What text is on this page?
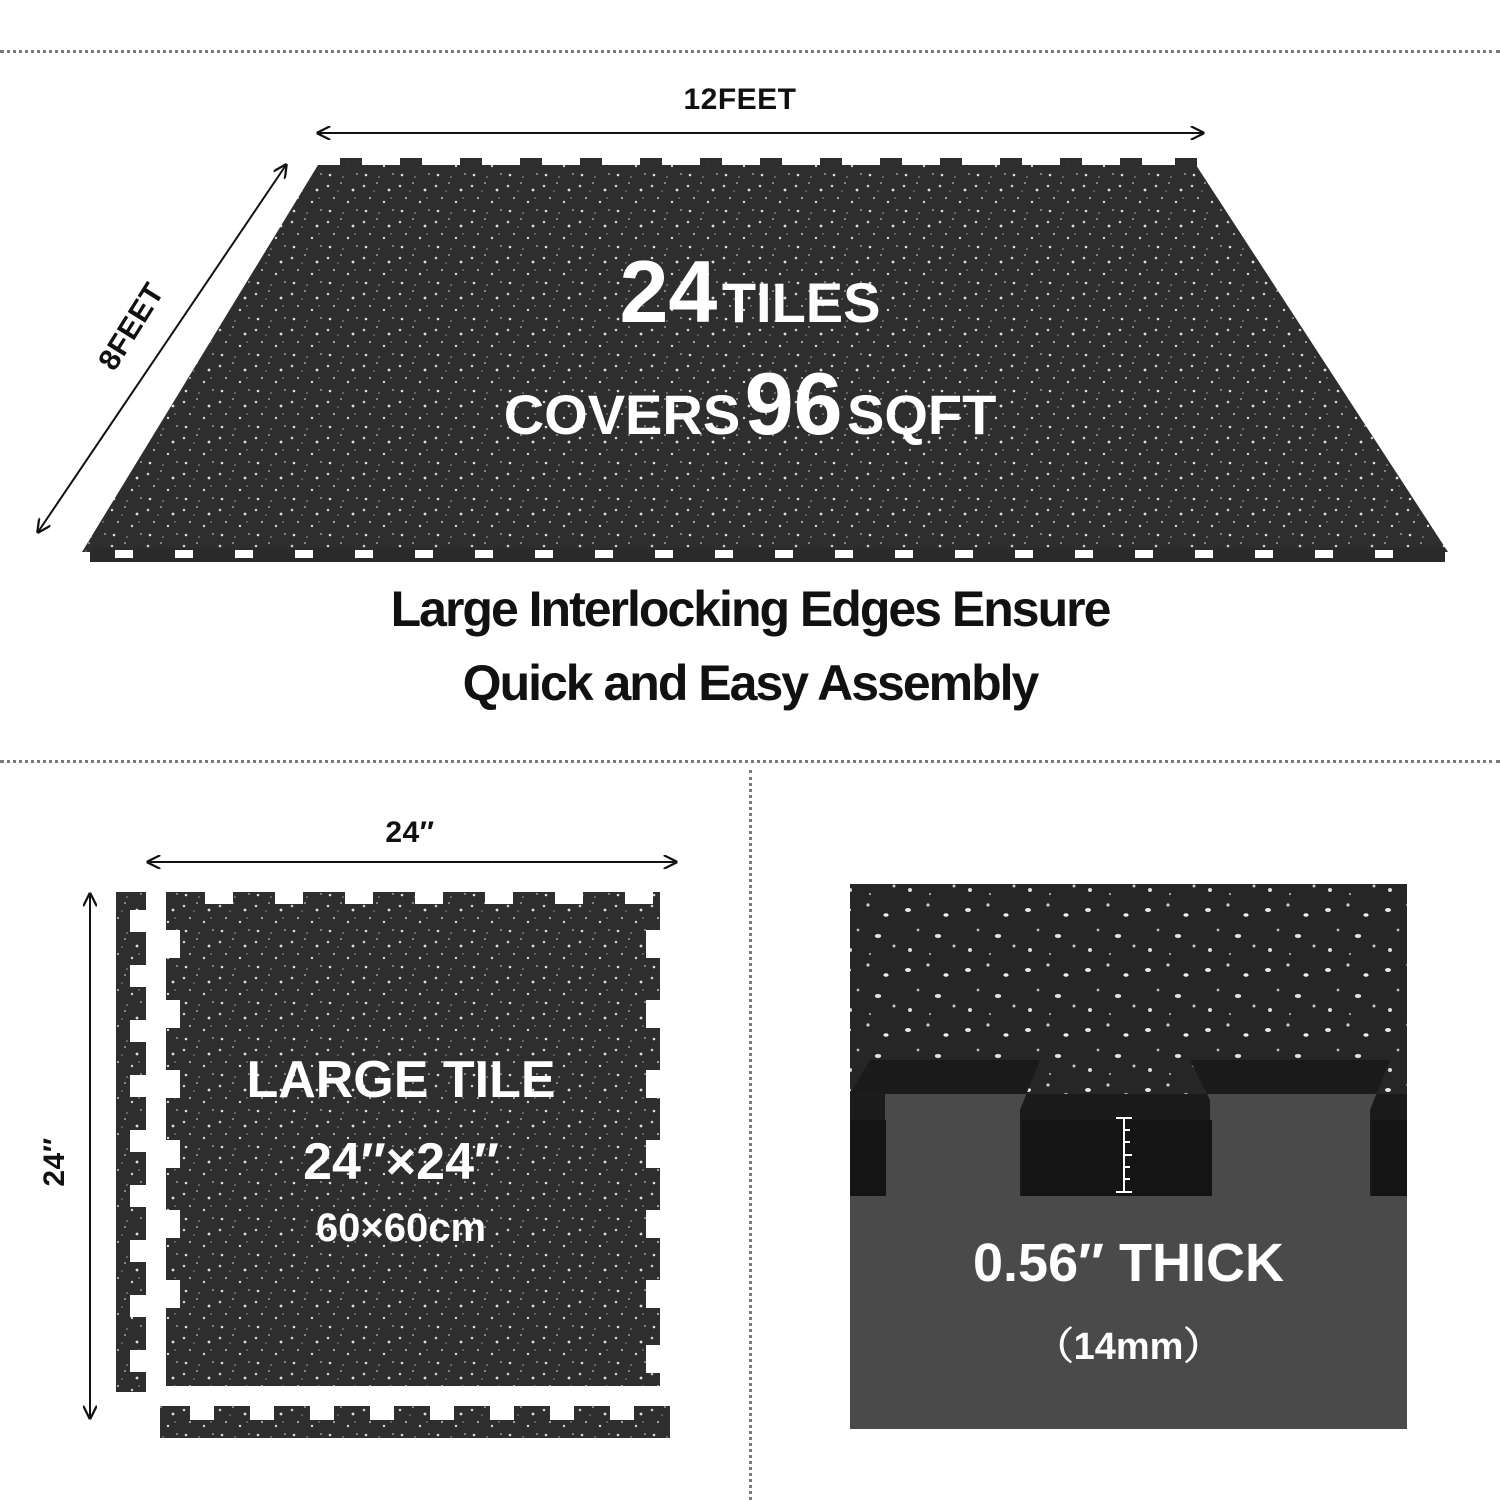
12FEET
8FEET	24 TILES
COVERS 96 SQFT
Large Interlocking Edges Ensure
Quick and Easy Assembly
24″
24″
LARGE TILE
24″×24″
60×60cm
0.56″ THICK
（14mm）
